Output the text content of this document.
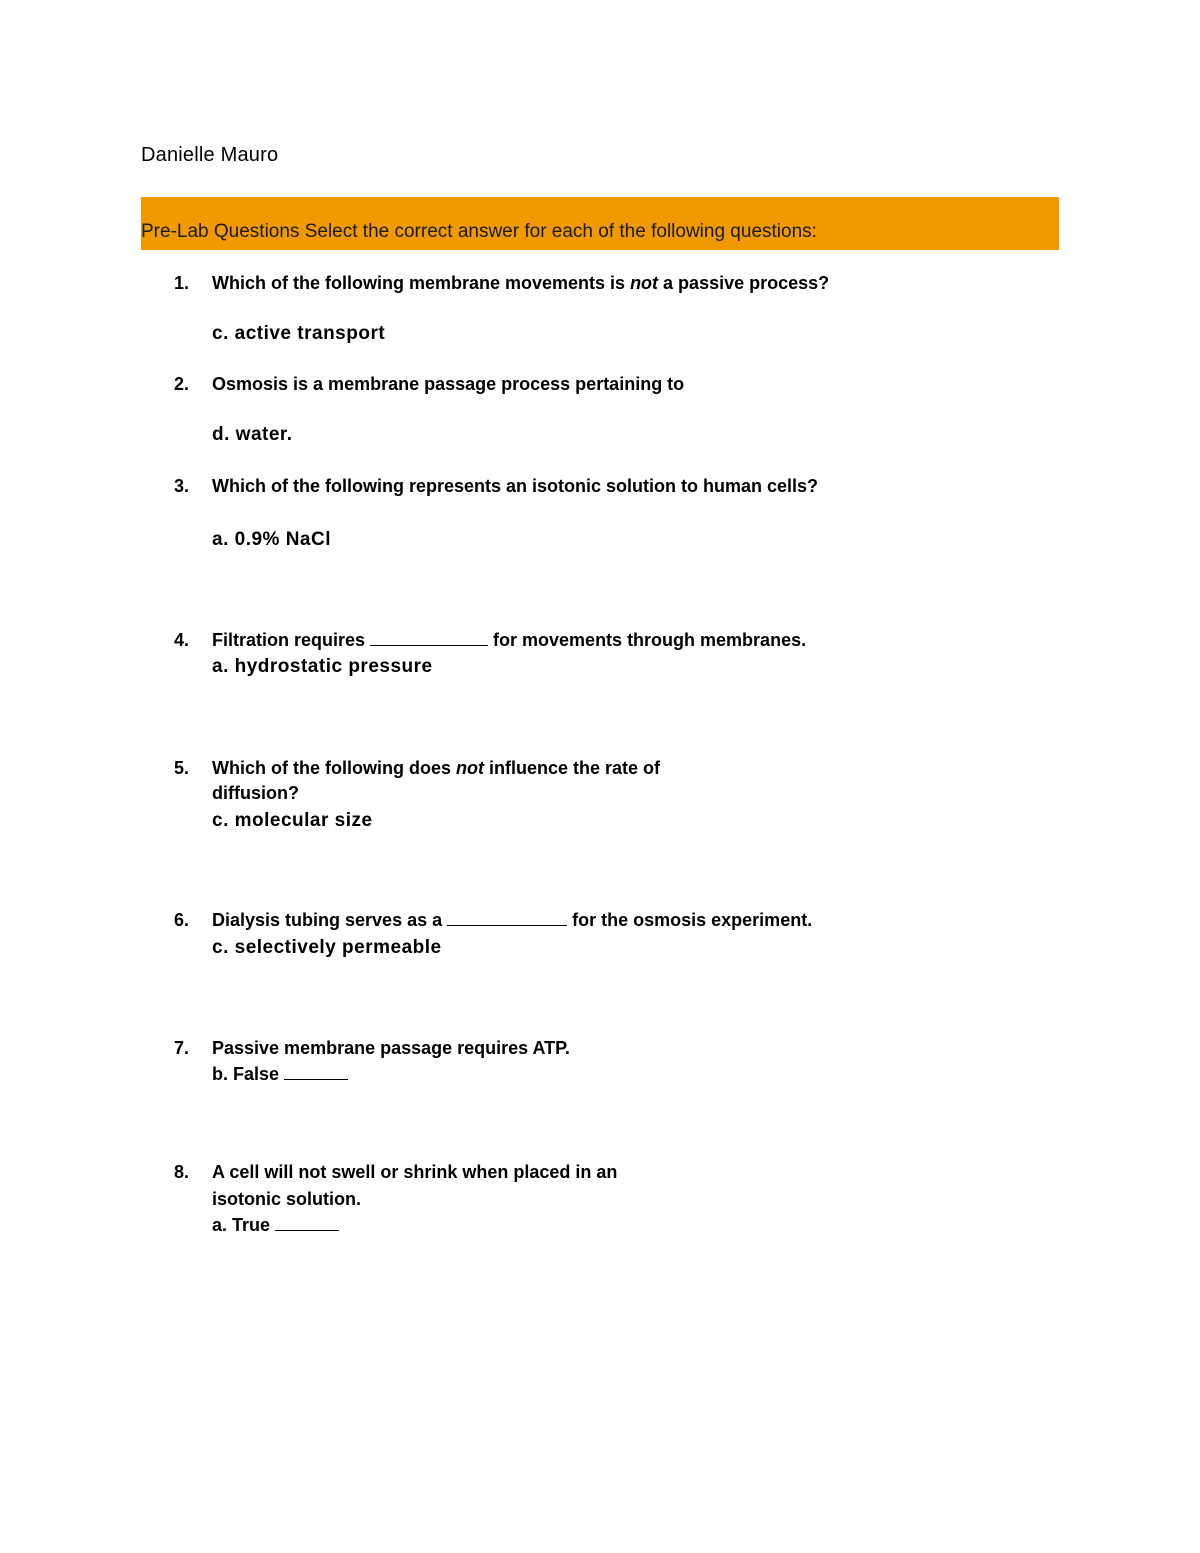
Danielle Mauro
Pre-Lab Questions Select the correct answer for each of the following questions:
1. Which of the following membrane movements is not a passive process?
c. active transport
2. Osmosis is a membrane passage process pertaining to
d. water.
3. Which of the following represents an isotonic solution to human cells?
a. 0.9% NaCl
4. Filtration requires	for movements through membranes.
a. hydrostatic pressure
5. Which of the following does not influence the rate of
diffusion?
c. molecular size
6. Dialysis tubing serves as a	for the osmosis experiment.
c. selectively permeable
7. Passive membrane passage requires ATP.
b. False
8. A cell will not swell or shrink when placed in an
isotonic solution.
a. True
